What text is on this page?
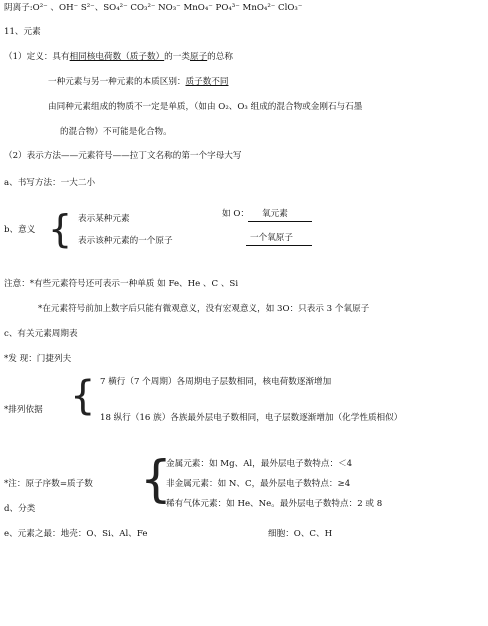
阴离子:O²⁻ 、OH⁻ S²⁻、SO₄²⁻ CO₃²⁻ NO₃⁻ MnO₄⁻ PO₄³⁻ MnO₄²⁻ ClO₃⁻
11、元素
（1）定义：具有相同核电荷数（质子数）的一类原子的总称
一种元素与另一种元素的本质区别：质子数不同
由同种元素组成的物质不一定是单质，（如由 O₂、O₃ 组成的混合物或金刚石与石墨
的混合物）不可能是化合物。
（2）表示方法——元素符号——拉丁文名称的第一个字母大写
a、书写方法：一大二小
b、意义 { 表示某种元素
表示该种元素的一个原子
如 O： 氧元素
一个氧原子
注意：*有些元素符号还可表示一种单质 如 Fe、He 、C 、Si
*在元素符号前加上数字后只能有微观意义，没有宏观意义，如 3O：只表示 3 个氧原子
c、有关元素周期表
*发 现：门捷列夫
7 横行（7 个周期）各周期电子层数相同，核电荷数逐渐增加
{
*排列依据
18 纵行（16 族）各族最外层电子数相同，电子层数逐渐增加（化学性质相似）
{
金属元素：如 Mg、Al，最外层电子数特点：＜4
*注：原子序数=质子数	非金属元素：如 N、C，最外层电子数特点：≥4
稀有气体元素：如 He、Ne。最外层电子数特点：2 或 8
d、分类
e、元素之最：地壳：O、Si、Al、Fe	细胞：O、C、H
